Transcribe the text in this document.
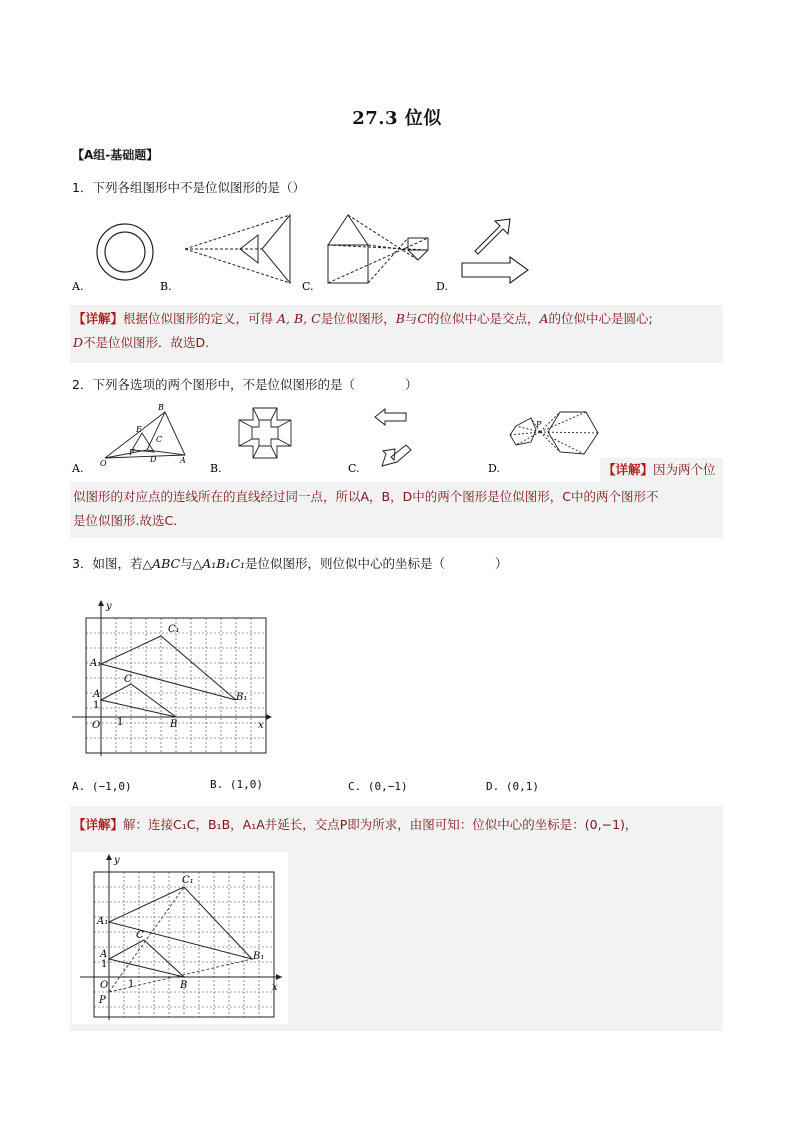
27.3 位似
【A组-基础题】
1．下列各组图形中不是位似图形的是（）
A.	B.	C.	D.
【详解】根据位似图形的定义，可得 A, B, C是位似图形，B与C的位似中心是交点，A的位似中心是圆心;
D不是位似图形．故选D.
2．下列各选项的两个图形中，不是位似图形的是（　　　　）
B
E
C
F
O	D	A
A.	B.	C.
P
D.	【详解】因为两个位
似图形的对应点的连线所在的直线经过同一点，所以A，B，D中的两个图形是位似图形，C中的两个图形不
是位似图形.故选C.
3．如图，若△ABC与△A₁B₁C₁是位似图形，则位似中心的坐标是（　　　　）
y
x
O 1
1
A
A₁
B
B₁
C
C₁
A. (−1,0)	B. (1,0)	C. (0,−1)	D. (0,1)
【详解】解：连接C₁C，B₁B，A₁A并延长，交点P即为所求，由图可知：位似中心的坐标是：(0,−1)，
y
x
O 1
1
P
A
A₁
B
B₁
C
C₁
